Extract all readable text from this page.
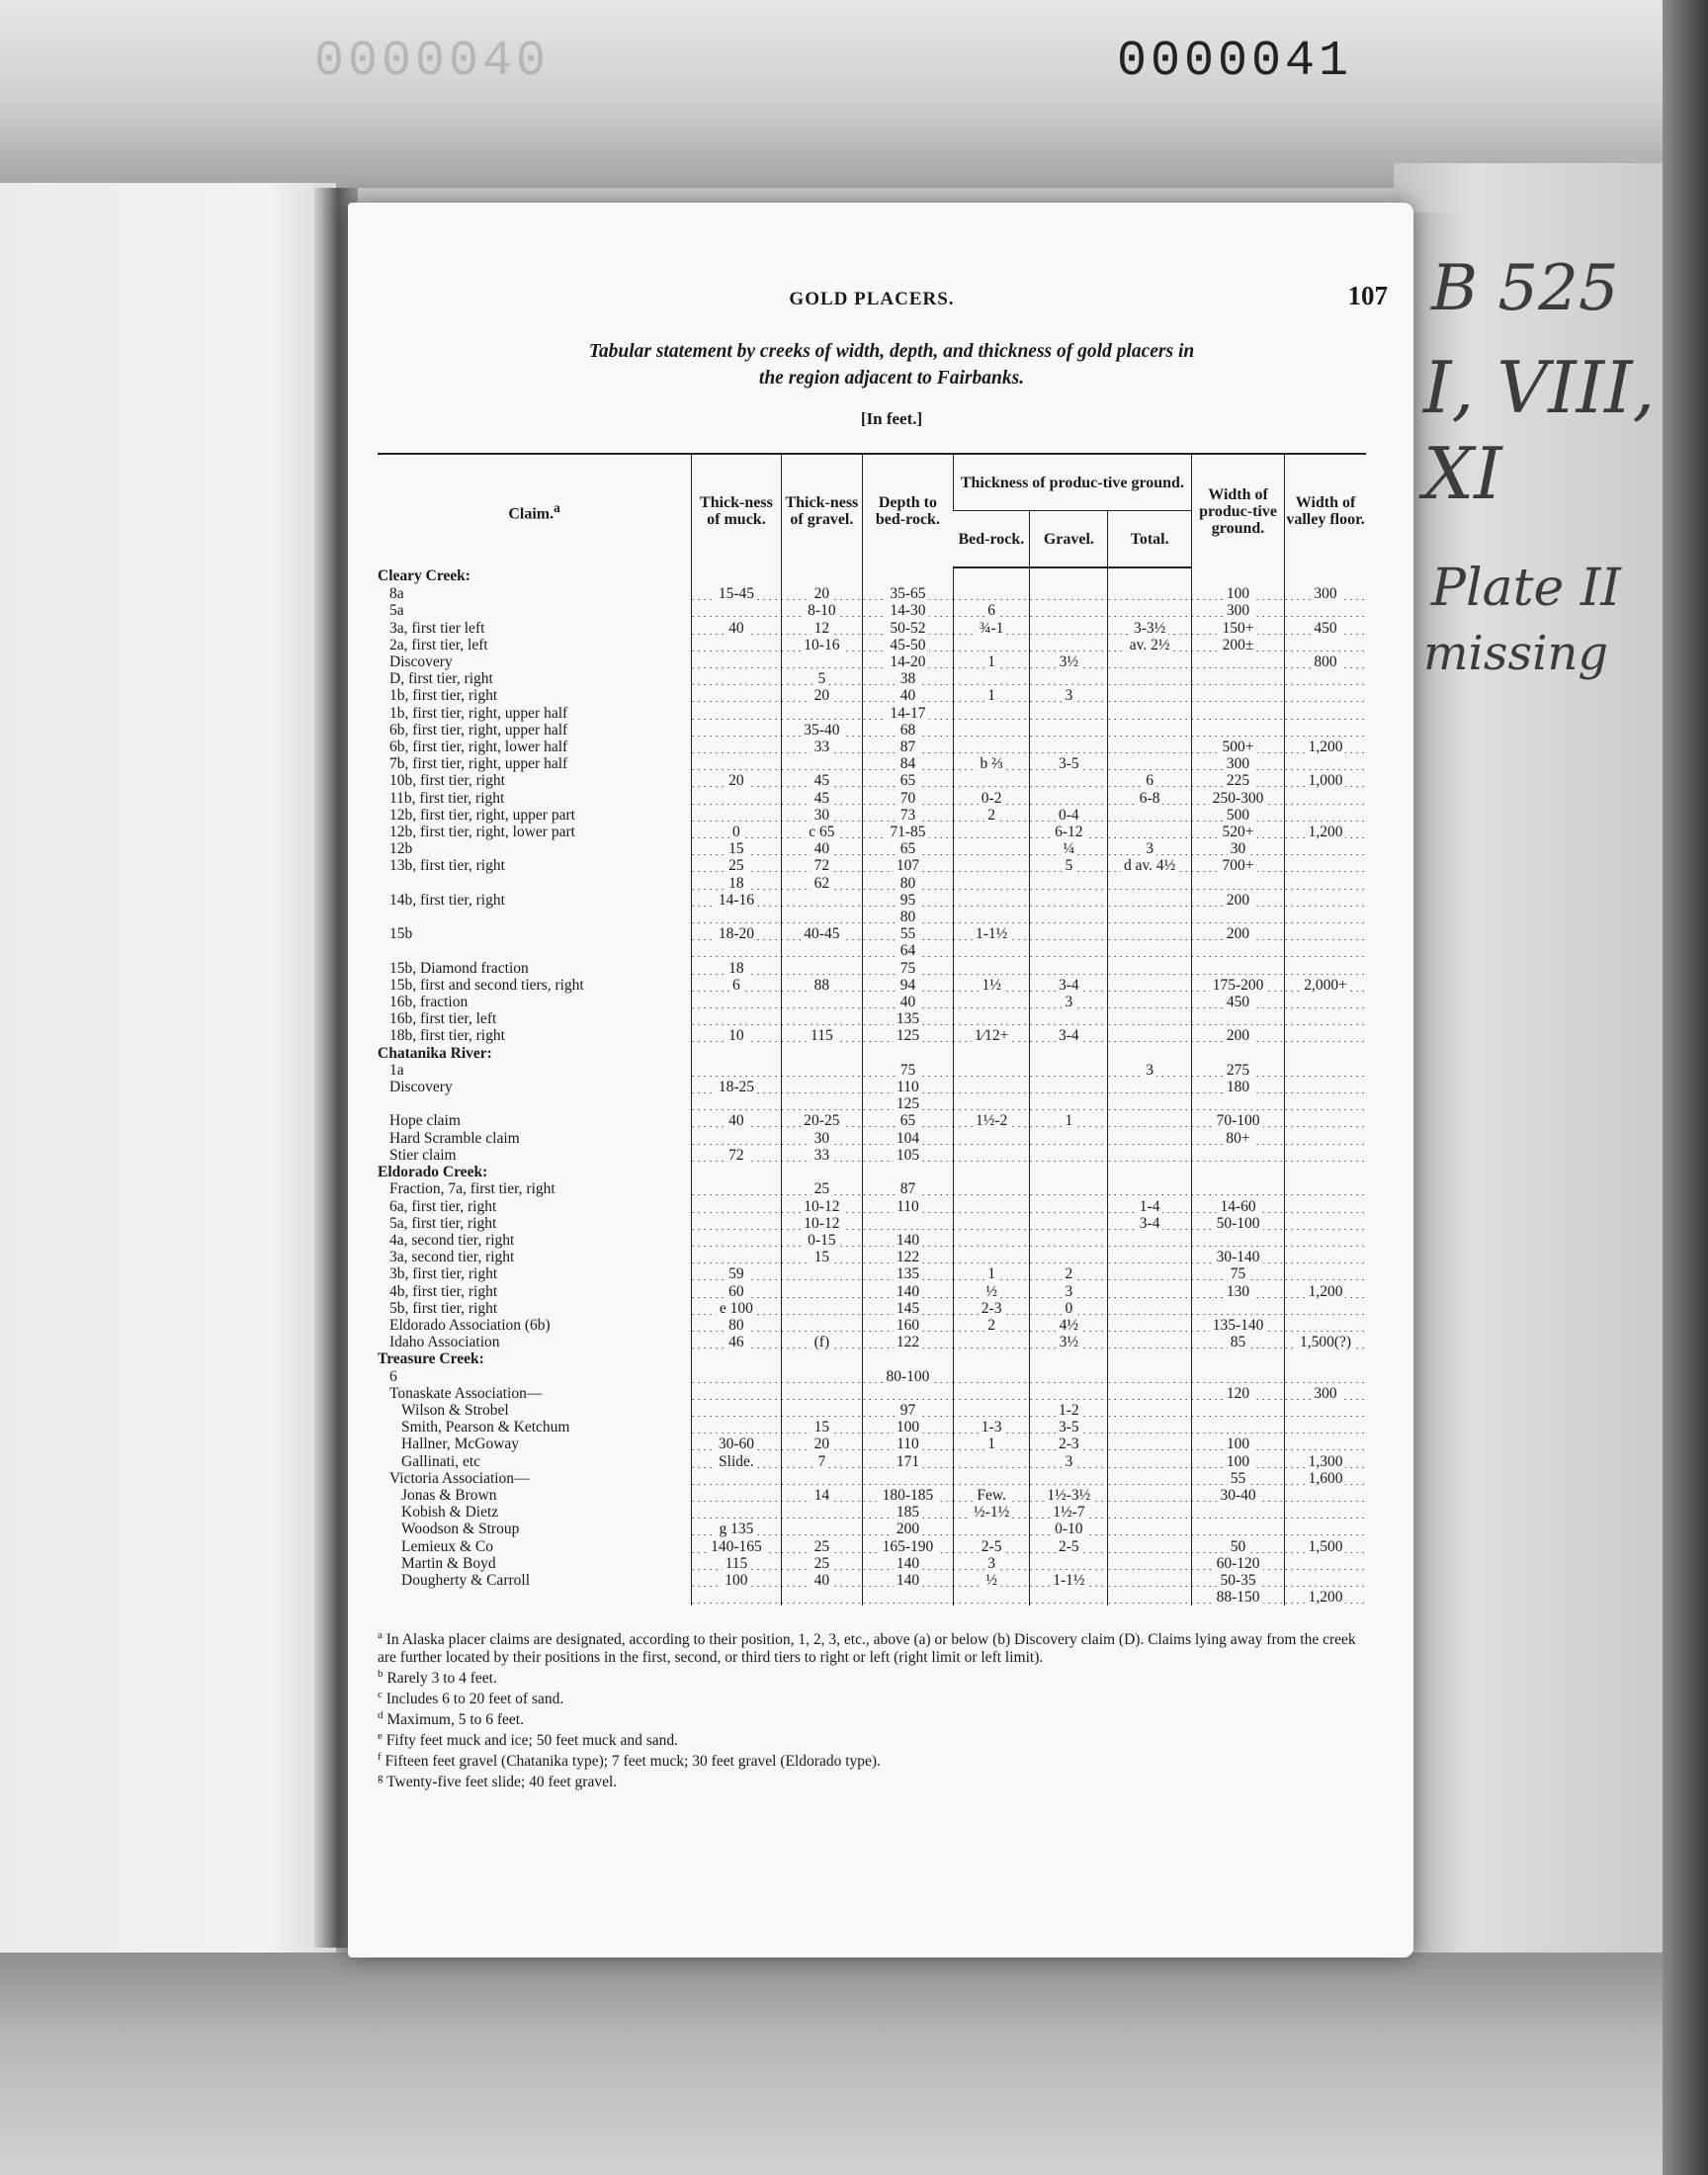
0000040	0000041
B 525
I, VIII,
XI
Plate II
missing
GOLD PLACERS.	107
Tabular statement by creeks of width, depth, and thickness of gold placers in
the region adjacent to Fairbanks.
[In feet.]
Claim.$^a$	Thick-ness of muck.	Thick-ness of gravel.	Depth to bed-rock.	Thickness of produc-tive ground.			Width of produc-tive ground.	Width of valley floor.
				Bed-rock.	Gravel.	Total.		

Cleary Creek:								

8a	15-45	20	35-65				100	300

5a		8-10	14-30	6			300	

3a, first tier left	40	12	50-52	¾-1		3-3½	150+	450

2a, first tier, left		10-16	45-50			av. 2½	200±	

Discovery			14-20	1	3½			800

D, first tier, right		5	38					

1b, first tier, right		20	40	1	3			

1b, first tier, right, upper half			14-17					

6b, first tier, right, upper half		35-40	68					

6b, first tier, right, lower half		33	87				500+	1,200

7b, first tier, right, upper half			84	b ⅔	3-5		300	

10b, first tier, right	20	45	65			6	225	1,000

11b, first tier, right		45	70	0-2		6-8	250-300	

12b, first tier, right, upper part		30	73	2	0-4		500	

12b, first tier, right, lower part	0	c 65	71-85		6-12		520+	1,200

12b	15	40	65		¼	3	30	

13b, first tier, right	25	72	107		5	d av. 4½	700+	

	18	62	80					

14b, first tier, right	14-16		95				200	

			80					

15b	18-20	40-45	55	1-1½			200	

			64					

15b, Diamond fraction	18		75					

15b, first and second tiers, right	6	88	94	1½	3-4		175-200	2,000+

16b, fraction			40		3		450	

16b, first tier, left			135					

18b, first tier, right	10	115	125	1⁄12+	3-4		200	

Chatanika River:								

1a			75			3	275	

Discovery	18-25		110				180	

			125					

Hope claim	40	20-25	65	1½-2	1		70-100	

Hard Scramble claim		30	104				80+	

Stier claim	72	33	105					

Eldorado Creek:								

Fraction, 7a, first tier, right		25	87					

6a, first tier, right		10-12	110			1-4	14-60	

5a, first tier, right		10-12				3-4	50-100	

4a, second tier, right		0-15	140					

3a, second tier, right		15	122				30-140	

3b, first tier, right	59		135	1	2		75	

4b, first tier, right	60		140	½	3		130	1,200

5b, first tier, right	e 100		145	2-3	0			

Eldorado Association (6b)	80		160	2	4½		135-140	

Idaho Association	46	(f)	122		3½		85	1,500(?)

Treasure Creek:								

6			80-100					

Tonaskate Association—							120	300

Wilson & Strobel			97		1-2			

Smith, Pearson & Ketchum		15	100	1-3	3-5			

Hallner, McGoway	30-60	20	110	1	2-3		100	

Gallinati, etc	Slide.	7	171		3		100	1,300

Victoria Association—							55	1,600

Jonas & Brown		14	180-185	Few.	1½-3½		30-40	

Kobish & Dietz			185	½-1½	1½-7			

Woodson & Stroup	g 135		200		0-10			

Lemieux & Co	140-165	25	165-190	2-5	2-5		50	1,500

Martin & Boyd	115	25	140	3			60-120	

Dougherty & Carroll	100	40	140	½	1-1½		50-35	

							88-150	1,200

$^a$ In Alaska placer claims are designated, according to their position, 1, 2, 3, etc., above (a) or below (b) Discovery claim (D). Claims lying away from the creek are further located by their positions in the first, second, or third tiers to right or left (right limit or left limit).

$^b$ Rarely 3 to 4 feet.

$^c$ Includes 6 to 20 feet of sand.

$^d$ Maximum, 5 to 6 feet.

$^e$ Fifty feet muck and ice; 50 feet muck and sand.

$^f$ Fifteen feet gravel (Chatanika type); 7 feet muck; 30 feet gravel (Eldorado type).

$^g$ Twenty-five feet slide; 40 feet gravel.
